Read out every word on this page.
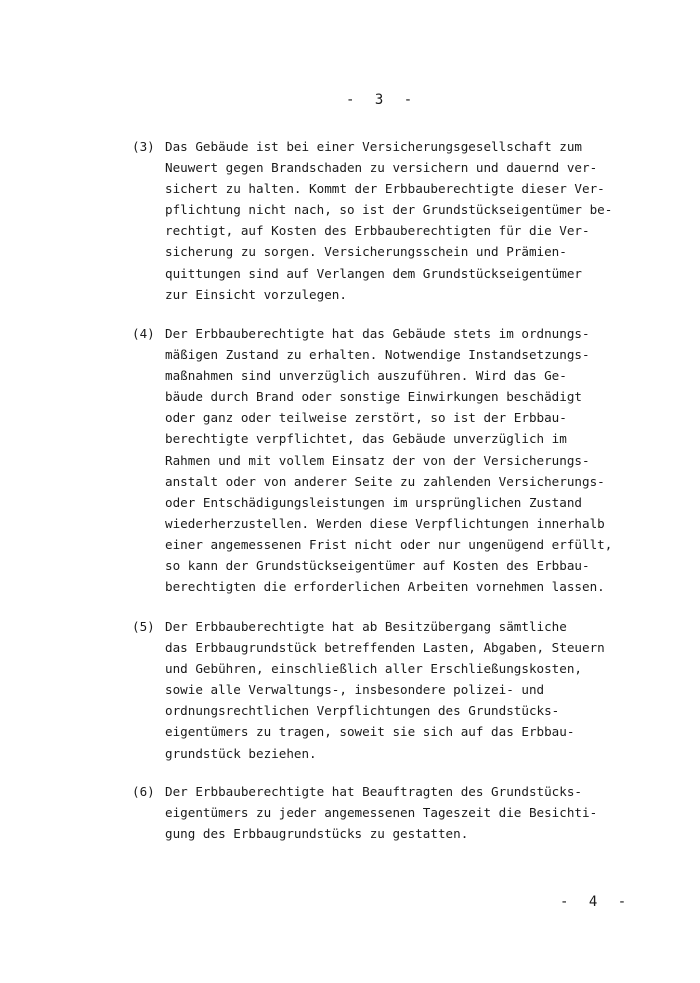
- 3 -
(3) Das Gebäude ist bei einer Versicherungsgesellschaft zum
Neuwert gegen Brandschaden zu versichern und dauernd ver-
sichert zu halten. Kommt der Erbbauberechtigte dieser Ver-
pflichtung nicht nach, so ist der Grundstückseigentümer be-
rechtigt, auf Kosten des Erbbauberechtigten für die Ver-
sicherung zu sorgen. Versicherungsschein und Prämien-
quittungen sind auf Verlangen dem Grundstückseigentümer
zur Einsicht vorzulegen.
(4) Der Erbbauberechtigte hat das Gebäude stets im ordnungs-
mäßigen Zustand zu erhalten. Notwendige Instandsetzungs-
maßnahmen sind unverzüglich auszuführen. Wird das Ge-
bäude durch Brand oder sonstige Einwirkungen beschädigt
oder ganz oder teilweise zerstört, so ist der Erbbau-
berechtigte verpflichtet, das Gebäude unverzüglich im
Rahmen und mit vollem Einsatz der von der Versicherungs-
anstalt oder von anderer Seite zu zahlenden Versicherungs-
oder Entschädigungsleistungen im ursprünglichen Zustand
wiederherzustellen. Werden diese Verpflichtungen innerhalb
einer angemessenen Frist nicht oder nur ungenügend erfüllt,
so kann der Grundstückseigentümer auf Kosten des Erbbau-
berechtigten die erforderlichen Arbeiten vornehmen lassen.
(5) Der Erbbauberechtigte hat ab Besitzübergang sämtliche
das Erbbaugrundstück betreffenden Lasten, Abgaben, Steuern
und Gebühren, einschließlich aller Erschließungskosten,
sowie alle Verwaltungs-, insbesondere polizei- und
ordnungsrechtlichen Verpflichtungen des Grundstücks-
eigentümers zu tragen, soweit sie sich auf das Erbbau-
grundstück beziehen.
(6) Der Erbbauberechtigte hat Beauftragten des Grundstücks-
eigentümers zu jeder angemessenen Tageszeit die Besichti-
gung des Erbbaugrundstücks zu gestatten.
- 4 -
